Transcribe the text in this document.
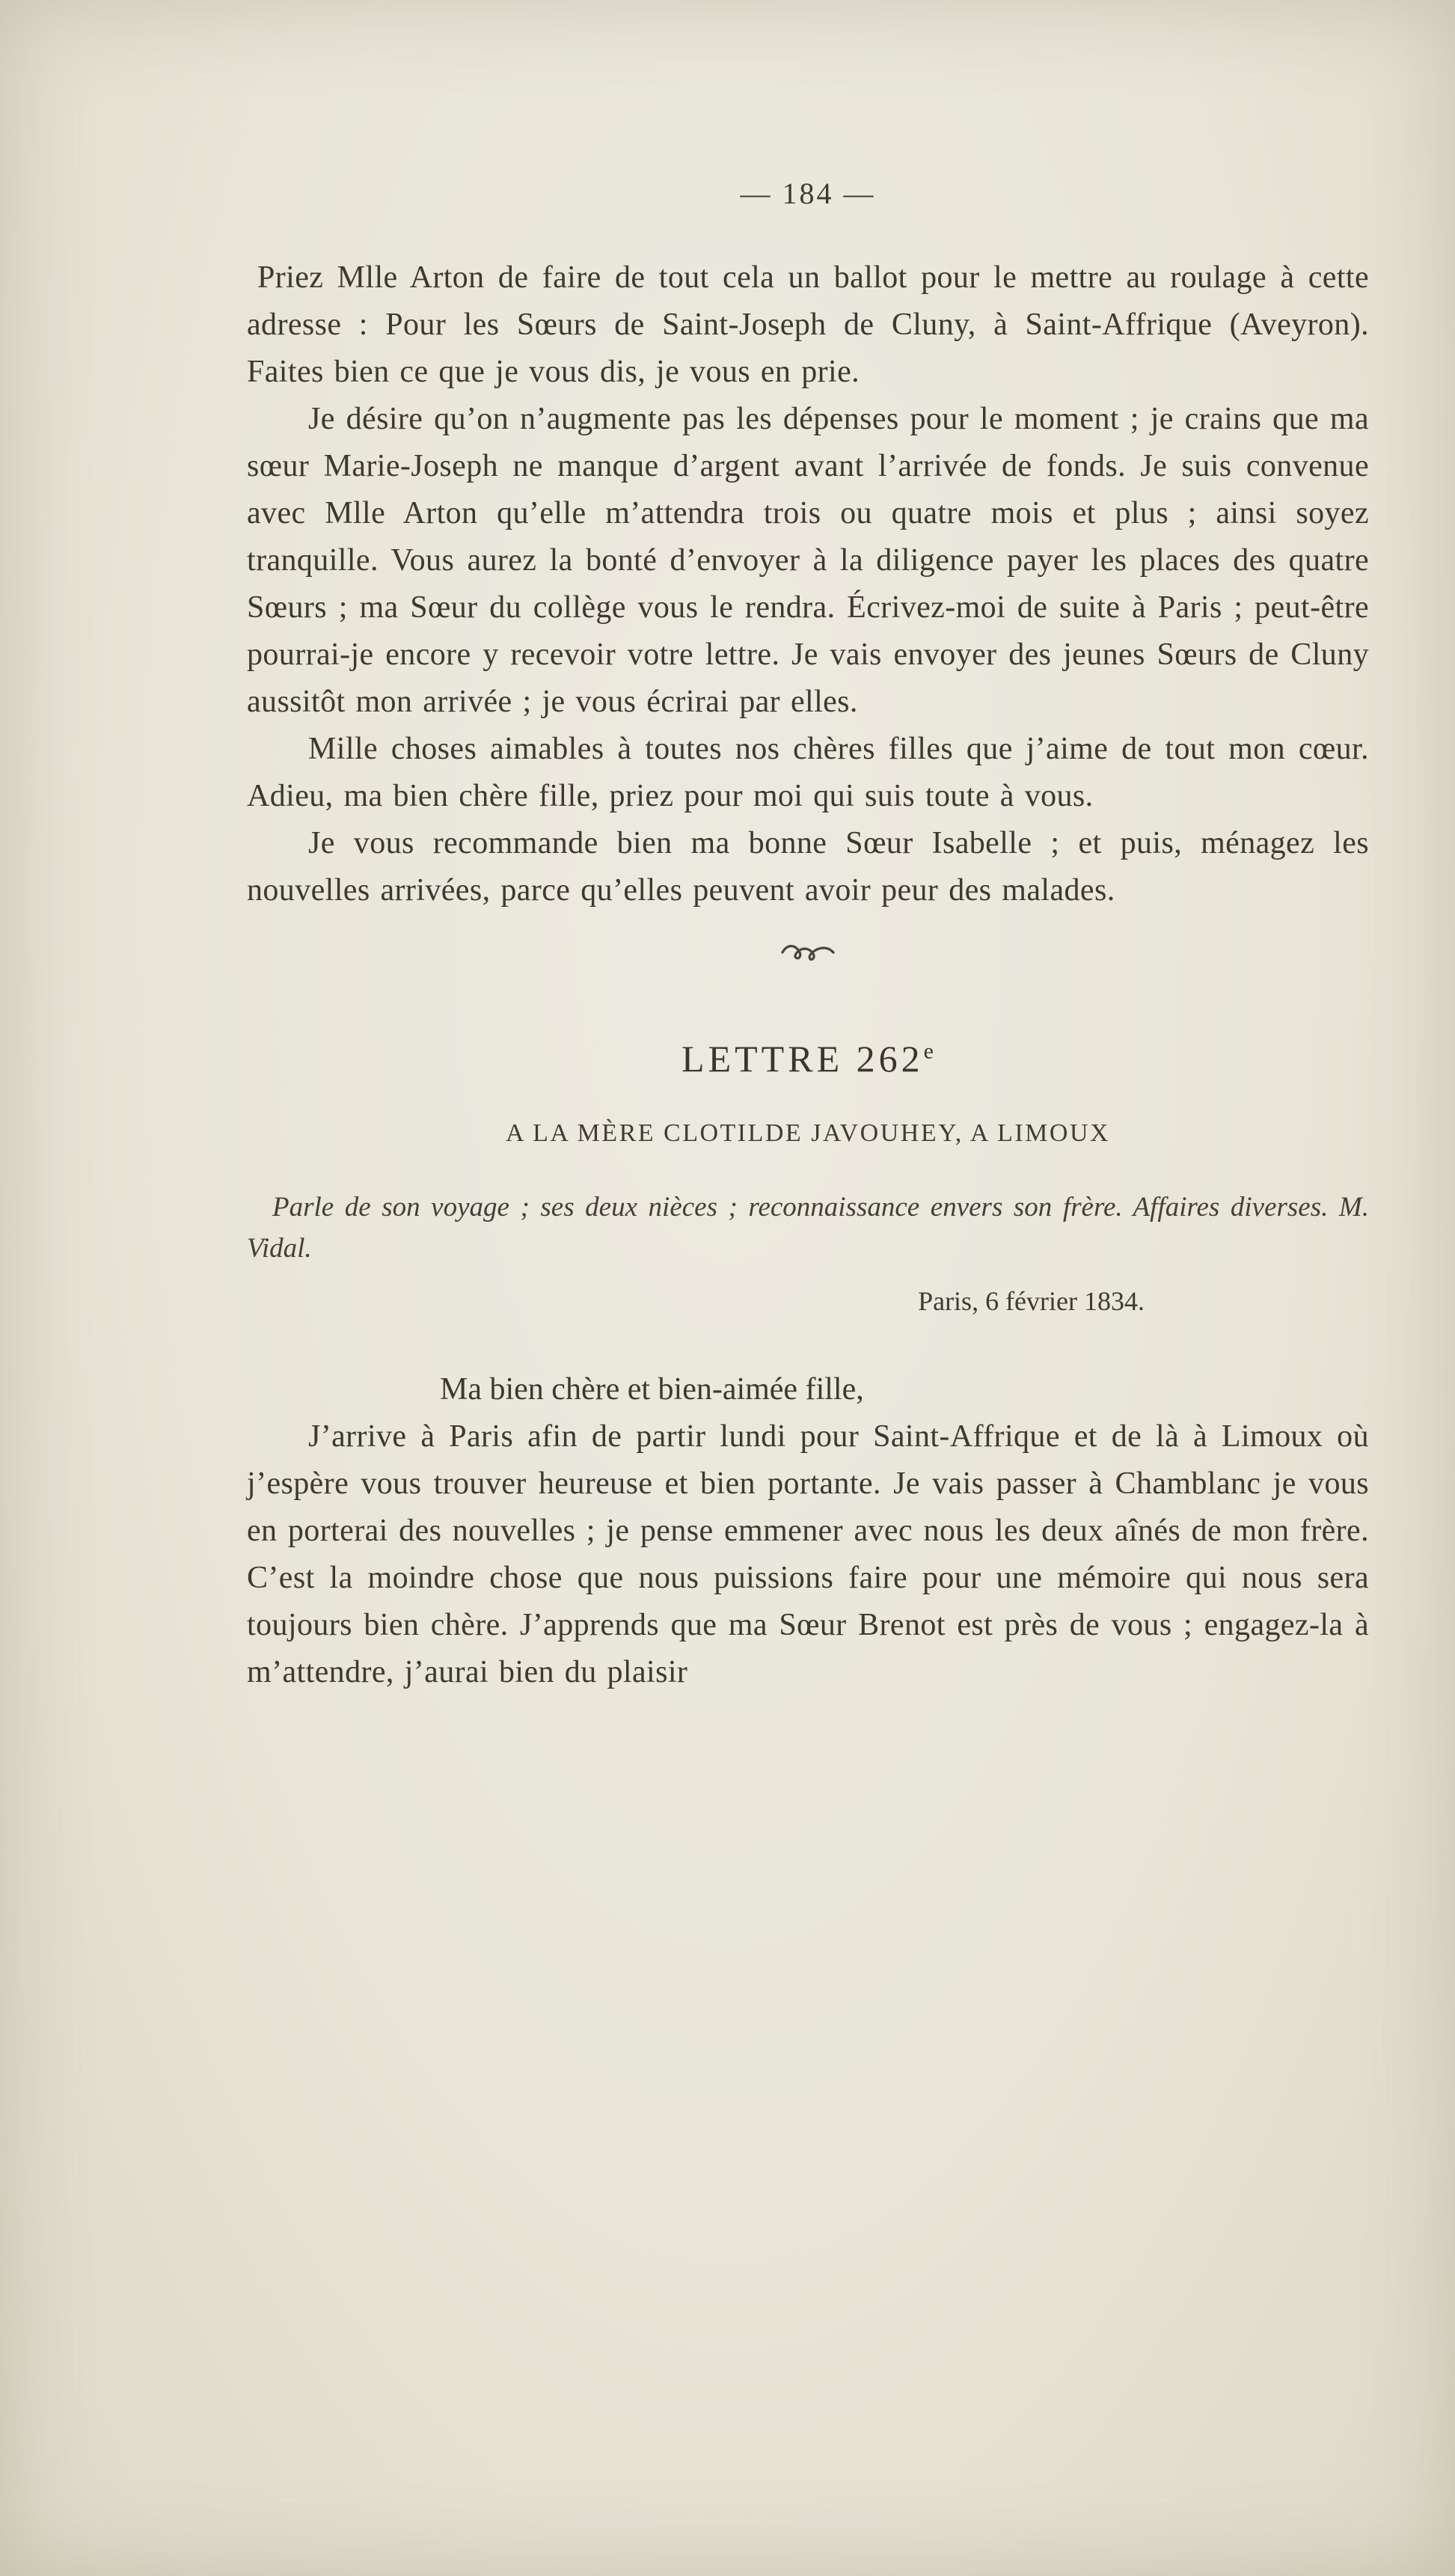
— 184 —

Priez Mlle Arton de faire de tout cela un ballot pour le mettre au roulage à cette adresse : Pour les Sœurs de Saint-Joseph de Cluny, à Saint-Affrique (Aveyron). Faites bien ce que je vous dis, je vous en prie.

Je désire qu’on n’augmente pas les dépenses pour le moment ; je crains que ma sœur Marie-Joseph ne manque d’argent avant l’arrivée de fonds. Je suis convenue avec Mlle Arton qu’elle m’attendra trois ou quatre mois et plus ; ainsi soyez tranquille. Vous aurez la bonté d’envoyer à la diligence payer les places des quatre Sœurs ; ma Sœur du collège vous le rendra. Écrivez-moi de suite à Paris ; peut-être pourrai-je encore y recevoir votre lettre. Je vais envoyer des jeunes Sœurs de Cluny aussitôt mon arrivée ; je vous écrirai par elles.

Mille choses aimables à toutes nos chères filles que j’aime de tout mon cœur. Adieu, ma bien chère fille, priez pour moi qui suis toute à vous.

Je vous recommande bien ma bonne Sœur Isabelle ; et puis, ménagez les nouvelles arrivées, parce qu’elles peuvent avoir peur des malades.

LETTRE 262e
A LA MÈRE CLOTILDE JAVOUHEY, A LIMOUX

Parle de son voyage ; ses deux nièces ; reconnaissance envers son frère. Affaires diverses. M. Vidal.

Paris, 6 février 1834.

Ma bien chère et bien-aimée fille,

J’arrive à Paris afin de partir lundi pour Saint-Affrique et de là à Limoux où j’espère vous trouver heureuse et bien portante. Je vais passer à Chamblanc je vous en porterai des nouvelles ; je pense emmener avec nous les deux aînés de mon frère. C’est la moindre chose que nous puissions faire pour une mémoire qui nous sera toujours bien chère. J’apprends que ma Sœur Brenot est près de vous ; engagez-la à m’attendre, j’aurai bien du plaisir
